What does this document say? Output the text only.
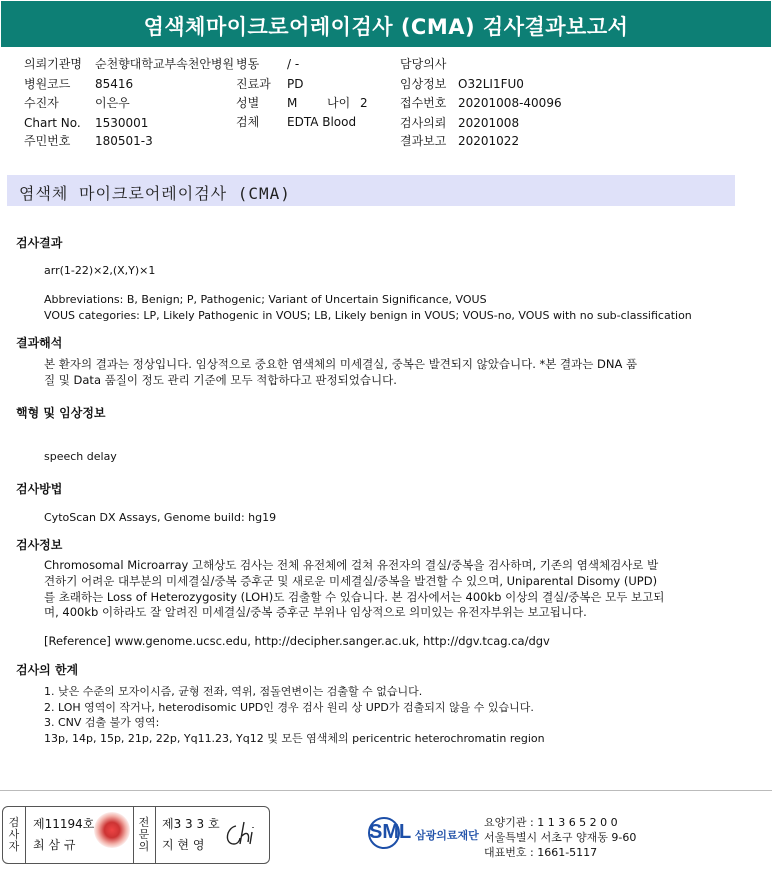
염색체마이크로어레이검사 (CMA) 검사결과보고서
의뢰기관명 순천향대학교부속천안병원 병동 / -	담당의사
병원코드 85416	진료과 PD	임상정보 O32LI1FU0
수진자	이은우	성별 M 나이 2	접수번호 20201008-40096
Chart No. 1530001	검체 EDTA Blood	검사의뢰 20201008
주민번호 180501-3	결과보고 20201022
염색체 마이크로어레이검사 (CMA)
검사결과
arr(1-22)×2,(X,Y)×1
Abbreviations: B, Benign; P, Pathogenic; Variant of Uncertain Significance, VOUS
VOUS categories: LP, Likely Pathogenic in VOUS; LB, Likely benign in VOUS; VOUS-no, VOUS with no sub-classification
결과해석
본 환자의 결과는 정상입니다. 임상적으로 중요한 염색체의 미세결실, 중복은 발견되지 않았습니다. *본 결과는 DNA 품
질 및 Data 품질이 정도 관리 기준에 모두 적합하다고 판정되었습니다.
핵형 및 임상정보
speech delay
검사방법
CytoScan DX Assays, Genome build: hg19
검사정보
Chromosomal Microarray 고해상도 검사는 전체 유전체에 걸쳐 유전자의 결실/중복을 검사하며, 기존의 염색체검사로 발
견하기 어려운 대부분의 미세결실/중복 증후군 및 새로운 미세결실/중복을 발견할 수 있으며, Uniparental Disomy (UPD)
를 초래하는 Loss of Heterozygosity (LOH)도 검출할 수 있습니다. 본 검사에서는 400kb 이상의 결실/중복은 모두 보고되
며, 400kb 이하라도 잘 알려진 미세결실/중복 증후군 부위나 임상적으로 의미있는 유전자부위는 보고됩니다.
[Reference] www.genome.ucsc.edu, http://decipher.sanger.ac.uk, http://dgv.tcag.ca/dgv
검사의 한계
1. 낮은 수준의 모자이시즘, 균형 전좌, 역위, 점돌연변이는 검출할 수 없습니다.
2. LOH 영역이 작거나, heterodisomic UPD인 경우 검사 원리 상 UPD가 검출되지 않을 수 있습니다.
3. CNV 검출 불가 영역:
13p, 14p, 15p, 21p, 22p, Yq11.23, Yq12 및 모든 염색체의 pericentric heterochromatin region
검사자
전문의
제11194호
최 삼 규
제3 3 3 호
지 현 영
SML 삼광의료재단
요양기관 : 1 1 3 6 5 2 0 0
서울특별시 서초구 양재동 9-60
대표번호 : 1661-5117
